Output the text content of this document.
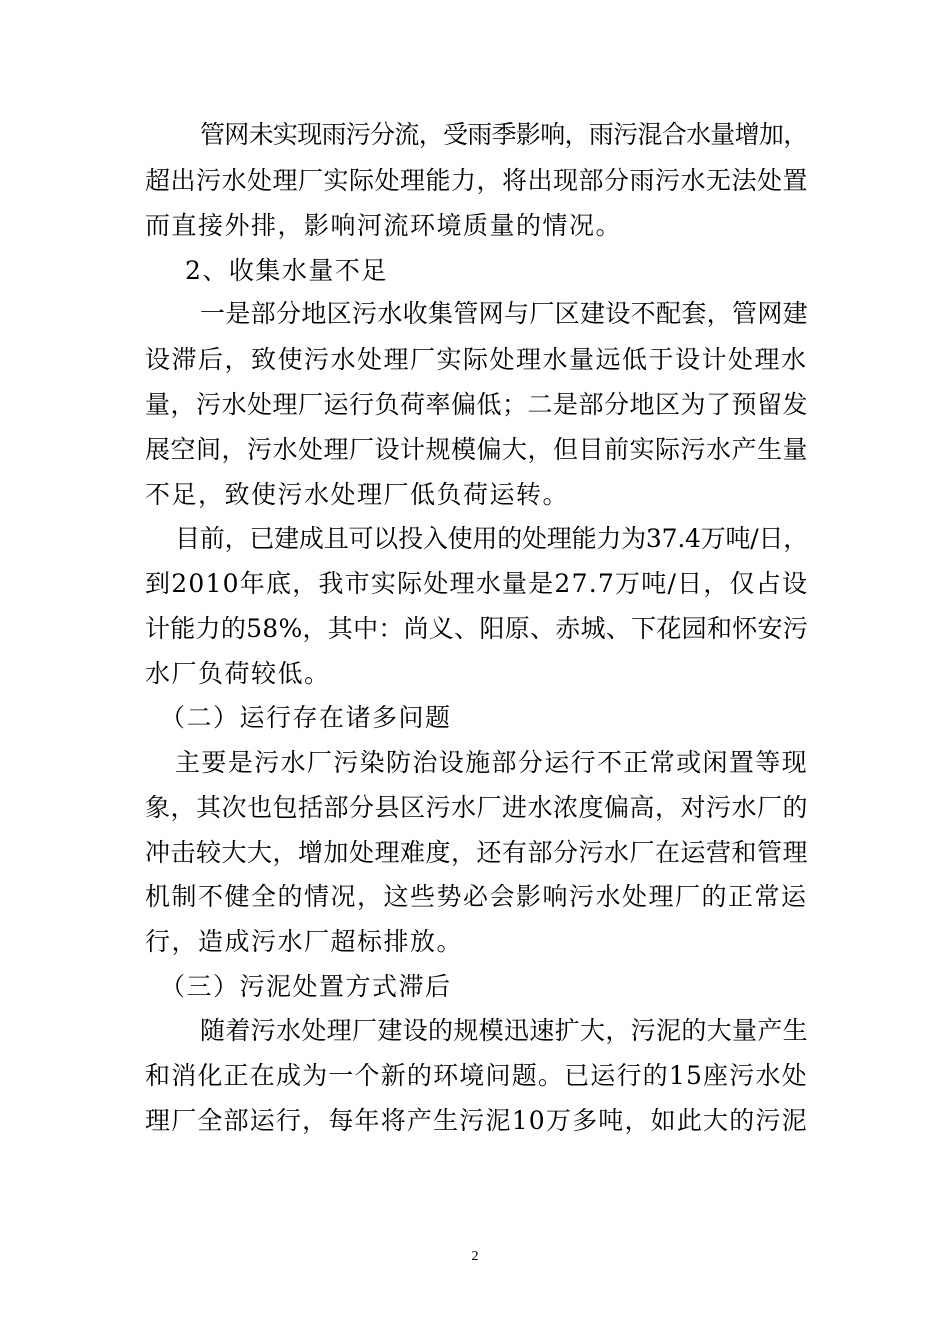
管网未实现雨污分流，受雨季影响，雨污混合水量增加，
超出污水处理厂实际处理能力，将出现部分雨污水无法处置
而直接外排，影响河流环境质量的情况。
2、收集水量不足
一是部分地区污水收集管网与厂区建设不配套，管网建
设滞后，致使污水处理厂实际处理水量远低于设计处理水
量，污水处理厂运行负荷率偏低；二是部分地区为了预留发
展空间，污水处理厂设计规模偏大，但目前实际污水产生量
不足，致使污水处理厂低负荷运转。
目前，已建成且可以投入使用的处理能力为37.4万吨/日，
到2010年底，我市实际处理水量是27.7万吨/日，仅占设
计能力的58%，其中：尚义、阳原、赤城、下花园和怀安污
水厂负荷较低。
（二）运行存在诸多问题
主要是污水厂污染防治设施部分运行不正常或闲置等现
象，其次也包括部分县区污水厂进水浓度偏高，对污水厂的
冲击较大大，增加处理难度，还有部分污水厂在运营和管理
机制不健全的情况，这些势必会影响污水处理厂的正常运
行，造成污水厂超标排放。
（三）污泥处置方式滞后
随着污水处理厂建设的规模迅速扩大，污泥的大量产生
和消化正在成为一个新的环境问题。已运行的15座污水处
理厂全部运行，每年将产生污泥10万多吨，如此大的污泥
2
